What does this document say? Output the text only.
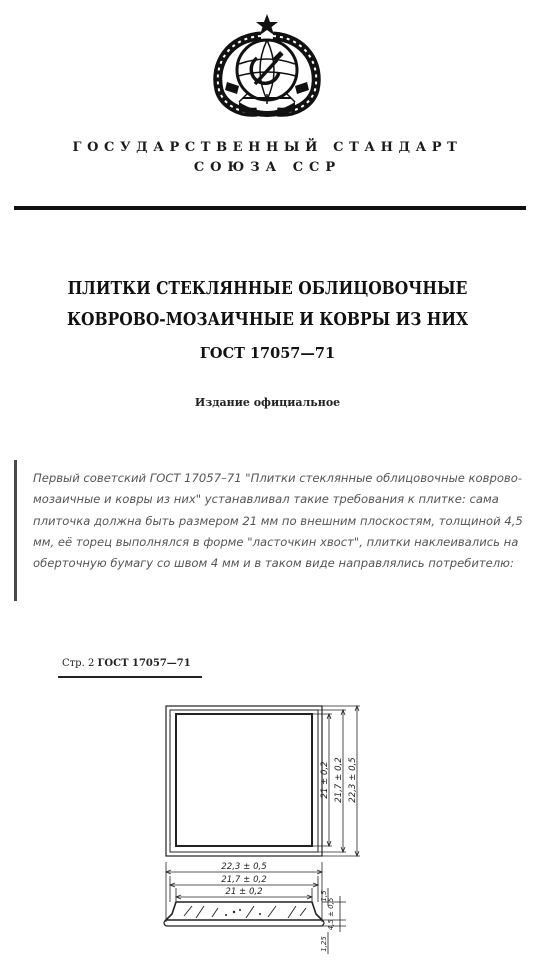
ГОСУДАРСТВЕННЫЙ СТАНДАРТ
СОЮЗА ССР
ПЛИТКИ СТЕКЛЯННЫЕ ОБЛИЦОВОЧНЫЕ
КОВРОВО-МОЗАИЧНЫЕ И КОВРЫ ИЗ НИХ
ГОСТ 17057—71
Издание официальное
Первый советский ГОСТ 17057–71 "Плитки стеклянные облицовочные коврово-мозаичные и ковры из них" устанавливал такие требования к плитке: сама плиточка должна быть размером 21 мм по внешним плоскостям, толщиной 4,5 мм, её торец выполнялся в форме "ласточкин хвост", плитки наклеивались на оберточную бумагу со швом 4 мм и в таком виде направлялись потребителю:
Стр. 2 ГОСТ 17057—71
22,3 ± 0,5
21,7 ± 0,2
21 ± 0,2
21 ± 0,2 21,7 ± 0,2 22,3 ± 0,5
4,5 ± 0,5
1,5
1,25
